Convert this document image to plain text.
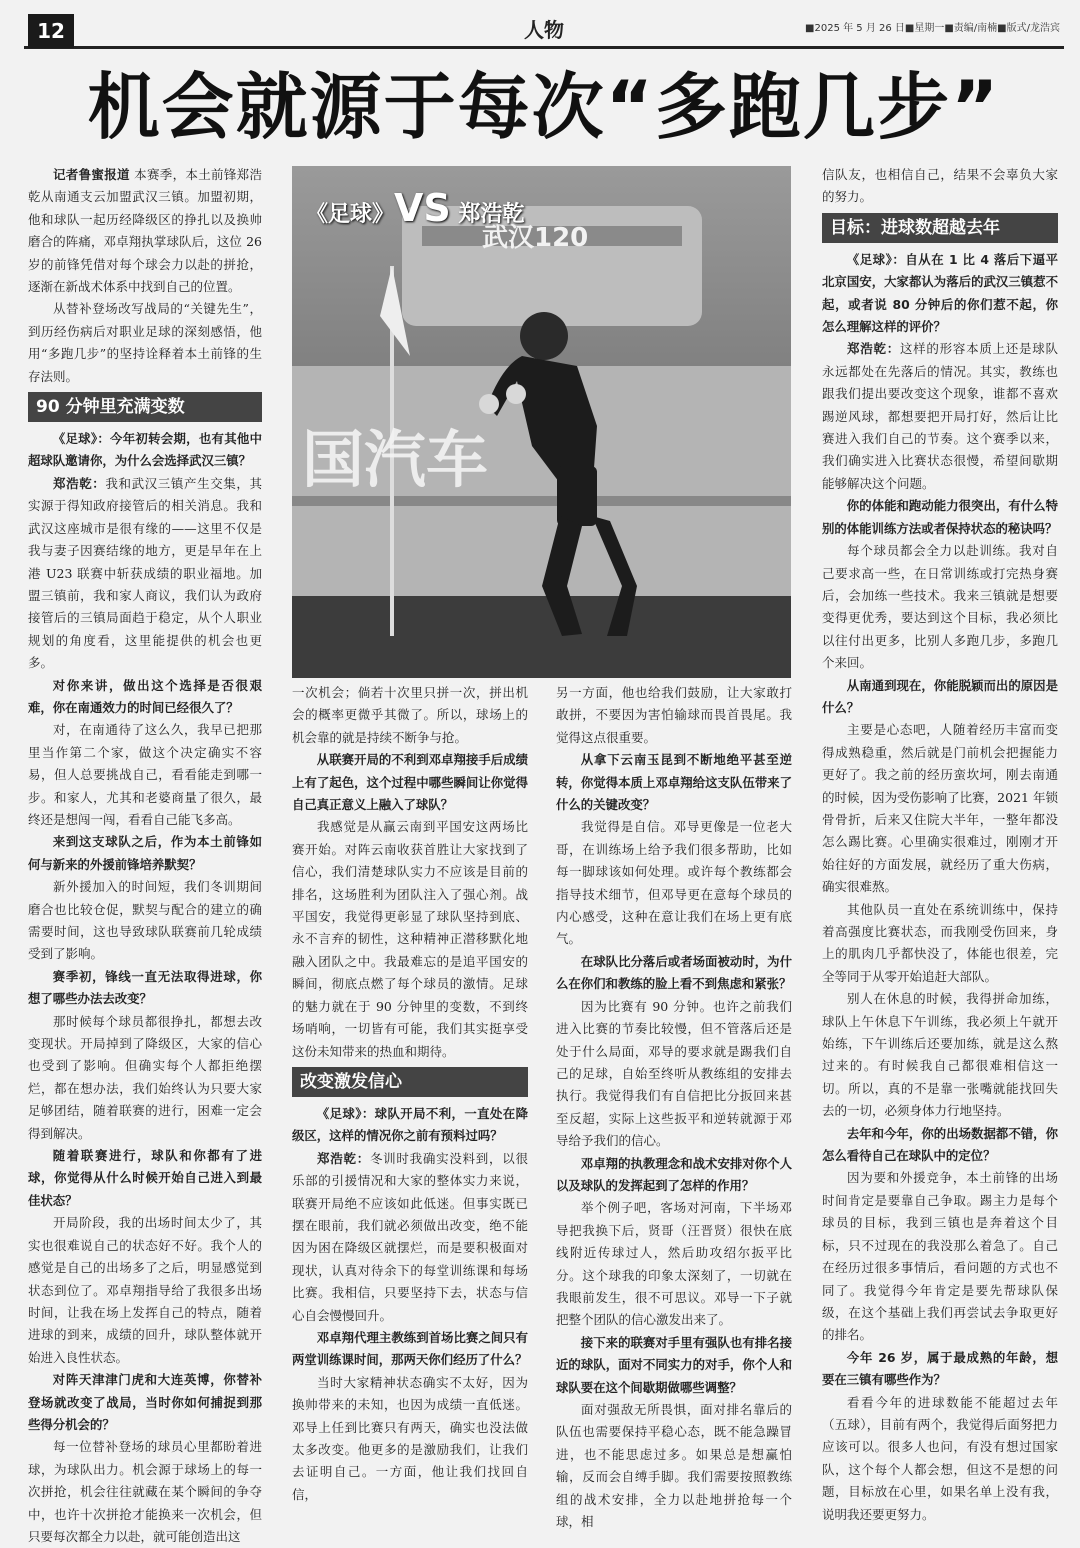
12	人物	■2025 年 5 月 26 日■星期一■责编/南楠■版式/龙浩宾
机会就源于每次“多跑几步”
武汉120
国汽车
《足球》VS 郑浩乾

记者鲁蜜报道 本赛季，本土前锋郑浩乾从南通支云加盟武汉三镇。加盟初期，他和球队一起历经降级区的挣扎以及换帅磨合的阵痛，邓卓翔执掌球队后，这位 26 岁的前锋凭借对每个球会力以赴的拼抢，逐渐在新战术体系中找到自己的位置。

从替补登场改写战局的“关键先生”，到历经伤病后对职业足球的深刻感悟，他用“多跑几步”的坚持诠释着本土前锋的生存法则。

90 分钟里充满变数

《足球》：今年初转会期，也有其他中超球队邀请你，为什么会选择武汉三镇？

郑浩乾：我和武汉三镇产生交集，其实源于得知政府接管后的相关消息。我和武汉这座城市是很有缘的——这里不仅是我与妻子因赛结缘的地方，更是早年在上港 U23 联赛中斩获成绩的职业福地。加盟三镇前，我和家人商议，我们认为政府接管后的三镇局面趋于稳定，从个人职业规划的角度看，这里能提供的机会也更多。

对你来讲，做出这个选择是否很艰难，你在南通效力的时间已经很久了？

对，在南通待了这么久，我早已把那里当作第二个家，做这个决定确实不容易，但人总要挑战自己，看看能走到哪一步。和家人，尤其和老婆商量了很久，最终还是想闯一闯，看看自己能飞多高。

来到这支球队之后，作为本土前锋如何与新来的外援前锋培养默契？

新外援加入的时间短，我们冬训期间磨合也比较仓促，默契与配合的建立的确需要时间，这也导致球队联赛前几轮成绩受到了影响。

赛季初，锋线一直无法取得进球，你想了哪些办法去改变？

那时候每个球员都很挣扎，都想去改变现状。开局掉到了降级区，大家的信心也受到了影响。但确实每个人都拒绝摆烂，都在想办法，我们始终认为只要大家足够团结，随着联赛的进行，困难一定会得到解决。

随着联赛进行，球队和你都有了进球，你觉得从什么时候开始自己进入到最佳状态？

开局阶段，我的出场时间太少了，其实也很难说自己的状态好不好。我个人的感觉是自己的出场多了之后，明显感觉到状态到位了。邓卓翔指导给了我很多出场时间，让我在场上发挥自己的特点，随着进球的到来，成绩的回升，球队整体就开始进入良性状态。

对阵天津津门虎和大连英博，你替补登场就改变了战局，当时你如何捕捉到那些得分机会的？

每一位替补登场的球员心里都盼着进球，为球队出力。机会源于球场上的每一次拼抢，机会往往就藏在某个瞬间的争夺中，也许十次拼抢才能换来一次机会，但只要每次都全力以赴，就可能创造出这

一次机会；倘若十次里只拼一次，拼出机会的概率更微乎其微了。所以，球场上的机会靠的就是持续不断争与抢。

从联赛开局的不利到邓卓翔接手后成绩上有了起色，这个过程中哪些瞬间让你觉得自己真正意义上融入了球队？

我感觉是从赢云南到平国安这两场比赛开始。对阵云南收获首胜让大家找到了信心，我们清楚球队实力不应该是目前的排名，这场胜利为团队注入了强心剂。战平国安，我觉得更彰显了球队坚持到底、永不言弃的韧性，这种精神正潜移默化地融入团队之中。我最难忘的是追平国安的瞬间，彻底点燃了每个球员的激情。足球的魅力就在于 90 分钟里的变数，不到终场哨响，一切皆有可能，我们其实挺享受这份未知带来的热血和期待。

改变激发信心

《足球》：球队开局不利，一直处在降级区，这样的情况你之前有预料过吗？

郑浩乾：冬训时我确实没料到，以很乐部的引援情况和大家的整体实力来说，联赛开局绝不应该如此低迷。但事实既已摆在眼前，我们就必须做出改变，绝不能因为困在降级区就摆烂，而是要积极面对现状，认真对待余下的每堂训练课和每场比赛。我相信，只要坚持下去，状态与信心自会慢慢回升。

邓卓翔代理主教练到首场比赛之间只有两堂训练课时间，那两天你们经历了什么？

当时大家精神状态确实不太好，因为换帅带来的未知，也因为成绩一直低迷。邓导上任到比赛只有两天，确实也没法做太多改变。他更多的是激励我们，让我们去证明自己。一方面，他让我们找回自信，

另一方面，他也给我们鼓励，让大家敢打敢拼，不要因为害怕输球而畏首畏尾。我觉得这点很重要。

从拿下云南玉昆到不断地绝平甚至逆转，你觉得本质上邓卓翔给这支队伍带来了什么的关键改变？

我觉得是自信。邓导更像是一位老大哥，在训练场上给予我们很多帮助，比如每一脚球该如何处理。或许每个教练都会指导技术细节，但邓导更在意每个球员的内心感受，这种在意让我们在场上更有底气。

在球队比分落后或者场面被动时，为什么在你们和教练的脸上看不到焦虑和紧张？

因为比赛有 90 分钟。也许之前我们进入比赛的节奏比较慢，但不管落后还是处于什么局面，邓导的要求就是踢我们自己的足球，自始至终听从教练组的安排去执行。我觉得我们有自信把比分扳回来甚至反超，实际上这些扳平和逆转就源于邓导给予我们的信心。

邓卓翔的执教理念和战术安排对你个人以及球队的发挥起到了怎样的作用？

举个例子吧，客场对河南，下半场邓导把我换下后，贤哥（汪晋贤）很快在底线附近传球过人，然后助攻绍尔扳平比分。这个球我的印象太深刻了，一切就在我眼前发生，很不可思议。邓导一下子就把整个团队的信心激发出来了。

接下来的联赛对手里有强队也有排名接近的球队，面对不同实力的对手，你个人和球队要在这个间歇期做哪些调整？

面对强敌无所畏惧，面对排名靠后的队伍也需要保持平稳心态，既不能急躁冒进，也不能思虑过多。如果总是想赢怕输，反而会自缚手脚。我们需要按照教练组的战术安排，全力以赴地拼抢每一个球，相

信队友，也相信自己，结果不会辜负大家的努力。

目标：进球数超越去年

《足球》：自从在 1 比 4 落后下逼平北京国安，大家都认为落后的武汉三镇惹不起，或者说 80 分钟后的你们惹不起，你怎么理解这样的评价？

郑浩乾：这样的形容本质上还是球队永远都处在先落后的情况。其实，教练也跟我们提出要改变这个现象，谁都不喜欢踢逆风球，都想要把开局打好，然后让比赛进入我们自己的节奏。这个赛季以来，我们确实进入比赛状态很慢，希望间歇期能够解决这个问题。

你的体能和跑动能力很突出，有什么特别的体能训练方法或者保持状态的秘诀吗？

每个球员都会全力以赴训练。我对自己要求高一些，在日常训练或打完热身赛后，会加练一些技术。我来三镇就是想要变得更优秀，要达到这个目标，我必须比以往付出更多，比别人多跑几步，多跑几个来回。

从南通到现在，你能脱颖而出的原因是什么？

主要是心态吧，人随着经历丰富而变得成熟稳重，然后就是门前机会把握能力更好了。我之前的经历蛮坎坷，刚去南通的时候，因为受伤影响了比赛，2021 年锁骨骨折，后来又住院大半年，一整年都没怎么踢比赛。心里确实很难过，刚刚才开始往好的方面发展，就经历了重大伤病，确实很难熬。

其他队员一直处在系统训练中，保持着高强度比赛状态，而我刚受伤回来，身上的肌肉几乎都快没了，体能也很差，完全等同于从零开始追赶大部队。

别人在休息的时候，我得拼命加练，球队上午休息下午训练，我必须上午就开始练，下午训练后还要加练，就是这么熬过来的。有时候我自己都很难相信这一切。所以，真的不是靠一张嘴就能找回失去的一切，必须身体力行地坚持。

去年和今年，你的出场数据都不错，你怎么看待自己在球队中的定位？

因为要和外援竞争，本土前锋的出场时间肯定是要靠自己争取。踢主力是每个球员的目标，我到三镇也是奔着这个目标，只不过现在的我没那么着急了。自己在经历过很多事情后，看问题的方式也不同了。我觉得今年肯定是要先帮球队保级，在这个基础上我们再尝试去争取更好的排名。

今年 26 岁，属于最成熟的年龄，想要在三镇有哪些作为？

看看今年的进球数能不能超过去年（五球），目前有两个，我觉得后面努把力应该可以。很多人也问，有没有想过国家队，这个每个人都会想，但这不是想的问题，目标放在心里，如果名单上没有我，说明我还要更努力。
